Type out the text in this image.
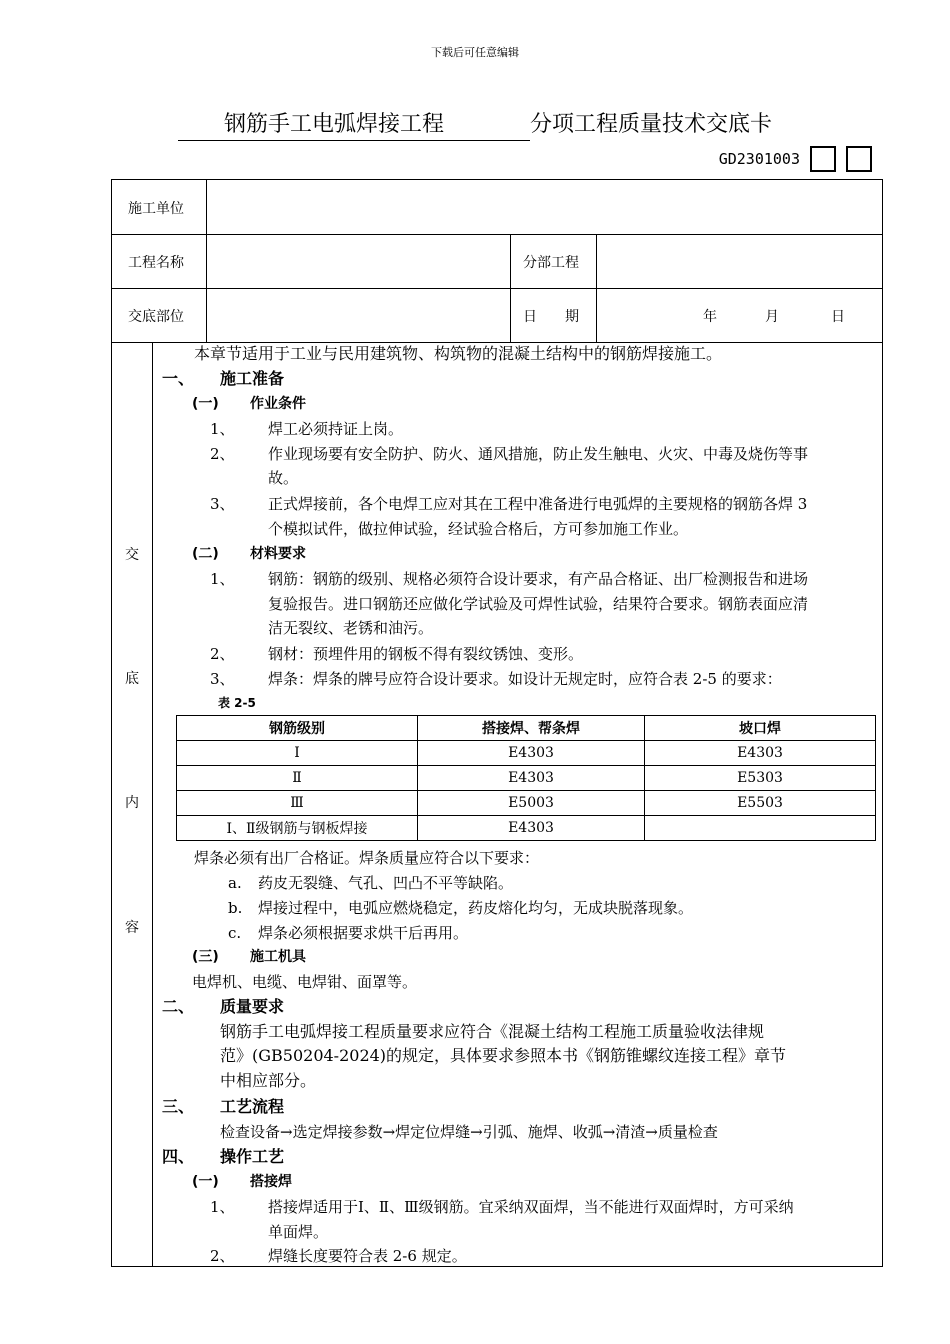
下载后可任意编辑
钢筋手工电弧焊接工程	分项工程质量技术交底卡
GD2301003
施工单位
工程名称	分部工程
交底部位	日　　期	年	月	日
交
底
内
容
本章节适用于工业与民用建筑物、构筑物的混凝土结构中的钢筋焊接施工。
一、 施工准备
(一) 作业条件
1、 焊工必须持证上岗。
2、 作业现场要有安全防护、防火、通风措施，防止发生触电、火灾、中毒及烧伤等事
故。
3、 正式焊接前，各个电焊工应对其在工程中准备进行电弧焊的主要规格的钢筋各焊 3
个模拟试件，做拉伸试验，经试验合格后，方可参加施工作业。
(二) 材料要求
1、 钢筋：钢筋的级别、规格必须符合设计要求，有产品合格证、出厂检测报告和进场
复验报告。进口钢筋还应做化学试验及可焊性试验，结果符合要求。钢筋表面应清
洁无裂纹、老锈和油污。
2、 钢材：预埋件用的钢板不得有裂纹锈蚀、变形。
3、 焊条：焊条的牌号应符合设计要求。如设计无规定时，应符合表 2-5 的要求：
表 2-5
钢筋级别	搭接焊、帮条焊	坡口焊
Ⅰ	E4303	E4303
Ⅱ	E4303	E5303
Ⅲ	E5003	E5503
Ⅰ、Ⅱ级钢筋与钢板焊接	E4303	
焊条必须有出厂合格证。焊条质量应符合以下要求：
a. 药皮无裂缝、气孔、凹凸不平等缺陷。
b. 焊接过程中，电弧应燃烧稳定，药皮熔化均匀，无成块脱落现象。
c. 焊条必须根据要求烘干后再用。
(三) 施工机具
电焊机、电缆、电焊钳、面罩等。
二、 质量要求
钢筋手工电弧焊接工程质量要求应符合《混凝土结构工程施工质量验收法律规
范》(GB50204-2024)的规定，具体要求参照本书《钢筋锥螺纹连接工程》章节
中相应部分。
三、 工艺流程
检查设备→选定焊接参数→焊定位焊缝→引弧、施焊、收弧→清渣→质量检查
四、 操作工艺
(一) 搭接焊
1、 搭接焊适用于Ⅰ、Ⅱ、Ⅲ级钢筋。宜采纳双面焊，当不能进行双面焊时，方可采纳
单面焊。
2、 焊缝长度要符合表 2-6 规定。
